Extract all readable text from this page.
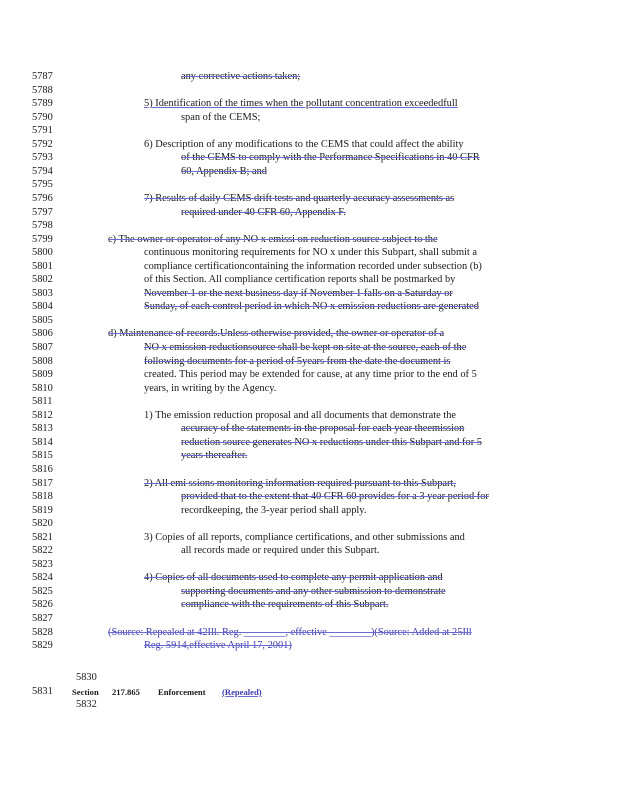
5787	any corrective actions taken;
5788
5789	5) Identification of the times when the pollutant concentration exceededfull
5790	span of the CEMS;
5791
5792	6) Description of any modifications to the CEMS that could affect the ability
5793	of the CEMS to comply with the Performance Specifications in 40 CFR
5794	60, Appendix B; and
5795
5796	7) Results of daily CEMS drift tests and quarterly accuracy assessments as
5797	required under 40 CFR 60, Appendix F.
5798
5799	c) The owner or operator of any NO x emissi on reduction source subject to the
5800	continuous monitoring requirements for NO x under this Subpart, shall submit a
5801	compliance certificationcontaining the information recorded under subsection (b)
5802	of this Section. All compliance certification reports shall be postmarked by
5803	November 1 or the next business day if November 1 falls on a Saturday or
5804	Sunday, of each control period in which NO x emission reductions are generated
5805
5806	d) Maintenance of records.Unless otherwise provided, the owner or operator of a
5807	NO x emission reductionsource shall be kept on site at the source, each of the
5808	following documents for a period of 5years from the date the document is
5809	created. This period may be extended for cause, at any time prior to the end of 5
5810	years, in writing by the Agency.
5811
5812	1) The emission reduction proposal and all documents that demonstrate the
5813	accuracy of the statements in the proposal for each year theemission
5814	reduction source generates NO x reductions under this Subpart and for 5
5815	years thereafter.
5816
5817	2) All emi ssions monitoring information required pursuant to this Subpart,
5818	provided that to the extent that 40 CFR 60 provides for a 3 year period for
5819	recordkeeping, the 3-year period shall apply.
5820
5821	3) Copies of all reports, compliance certifications, and other submissions and
5822	all records made or required under this Subpart.
5823
5824	4) Copies of all documents used to complete any permit application and
5825	supporting documents and any other submission to demonstrate
5826	compliance with the requirements of this Subpart.
5827
5828	(Source: Repealed at 42Ill. Reg. ________, effective ________)(Source: Added at 25Ill
5829	Reg. 5914,effective April 17, 2001)
5830
5831	Section 217.865 Enforcement (Repealed)
5832
